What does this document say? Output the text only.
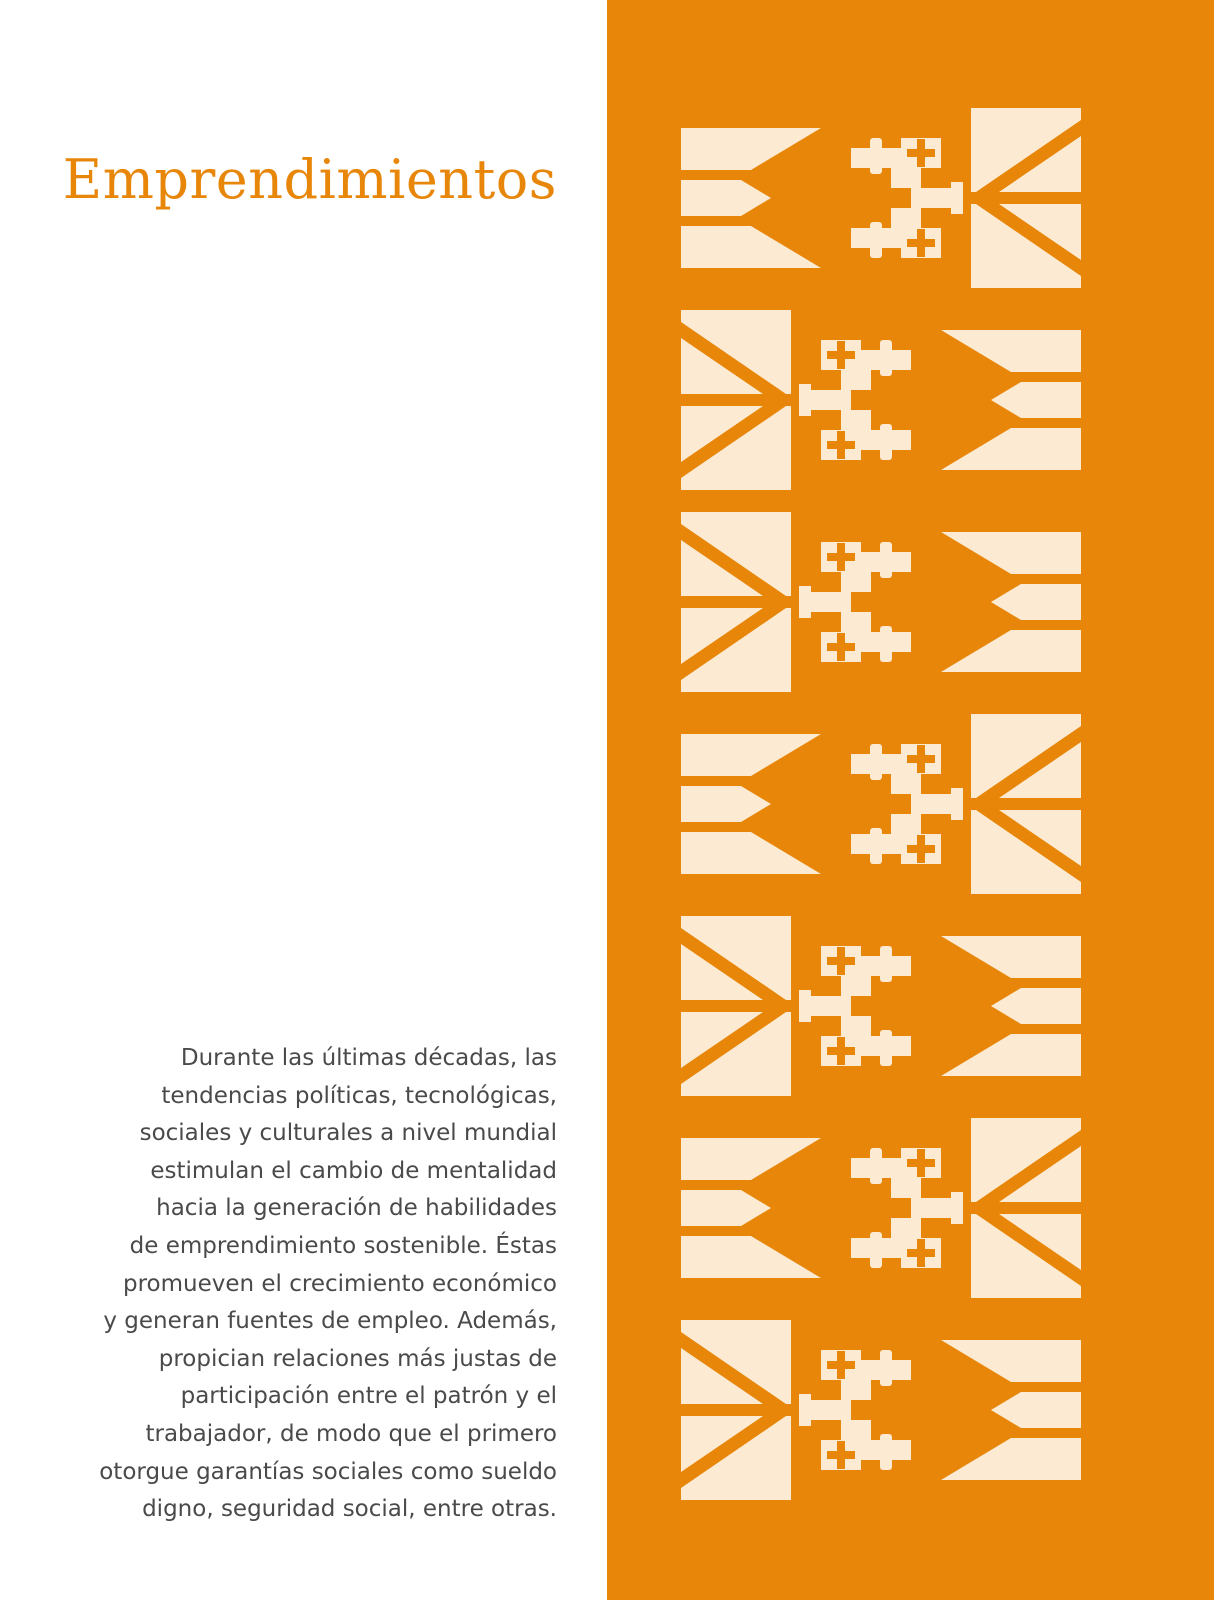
Emprendimientos

Durante las últimas décadas, las
tendencias políticas, tecnológicas,
sociales y culturales a nivel mundial
estimulan el cambio de mentalidad
hacia la generación de habilidades
de emprendimiento sostenible. Éstas
promueven el crecimiento económico
y generan fuentes de empleo. Además,
propician relaciones más justas de
participación entre el patrón y el
trabajador, de modo que el primero
otorgue garantías sociales como sueldo
digno, seguridad social, entre otras.
